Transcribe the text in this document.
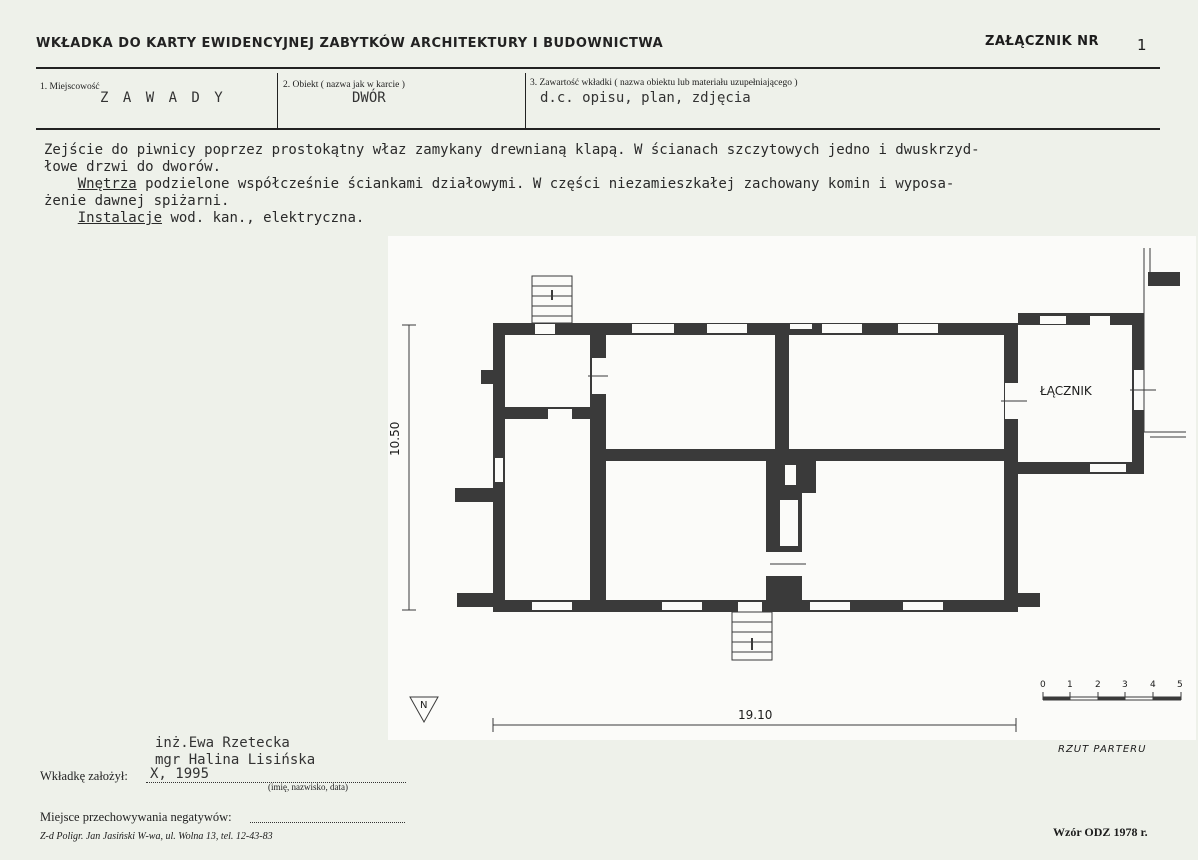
WKŁADKA DO KARTY EWIDENCYJNEJ ZABYTKÓW ARCHITEKTURY I BUDOWNICTWA	ZAŁĄCZNIK NR	1
1. Miejscowość
Z A W A D Y
2. Obiekt ( nazwa jak w karcie )
DWÓR
3. Zawartość wkładki ( nazwa obiektu lub materiału uzupełniającego )
d.c. opisu, plan, zdjęcia
Zejście do piwnicy poprzez prostokątny właz zamykany drewnianą klapą. W ścianach szczytowych jedno i dwuskrzyd-
łowe drzwi do dworów.
Wnętrza podzielone współcześnie ściankami działowymi. W części niezamieszkałej zachowany komin i wyposa-
żenie dawnej spiżarni.
Instalacje wod. kan., elektryczna.
ŁĄCZNIK
10.50
19.10
N
0 1 2 3 4 5
RZUT PARTERU
inż.Ewa Rzetecka
mgr Halina Lisińska
Wkładkę założył: X, 1995
(imię, nazwisko, data)
Miejsce przechowywania negatywów:
Z-d Poligr. Jan Jasiński W-wa, ul. Wolna 13, tel. 12-43-83	Wzór ODZ 1978 r.
